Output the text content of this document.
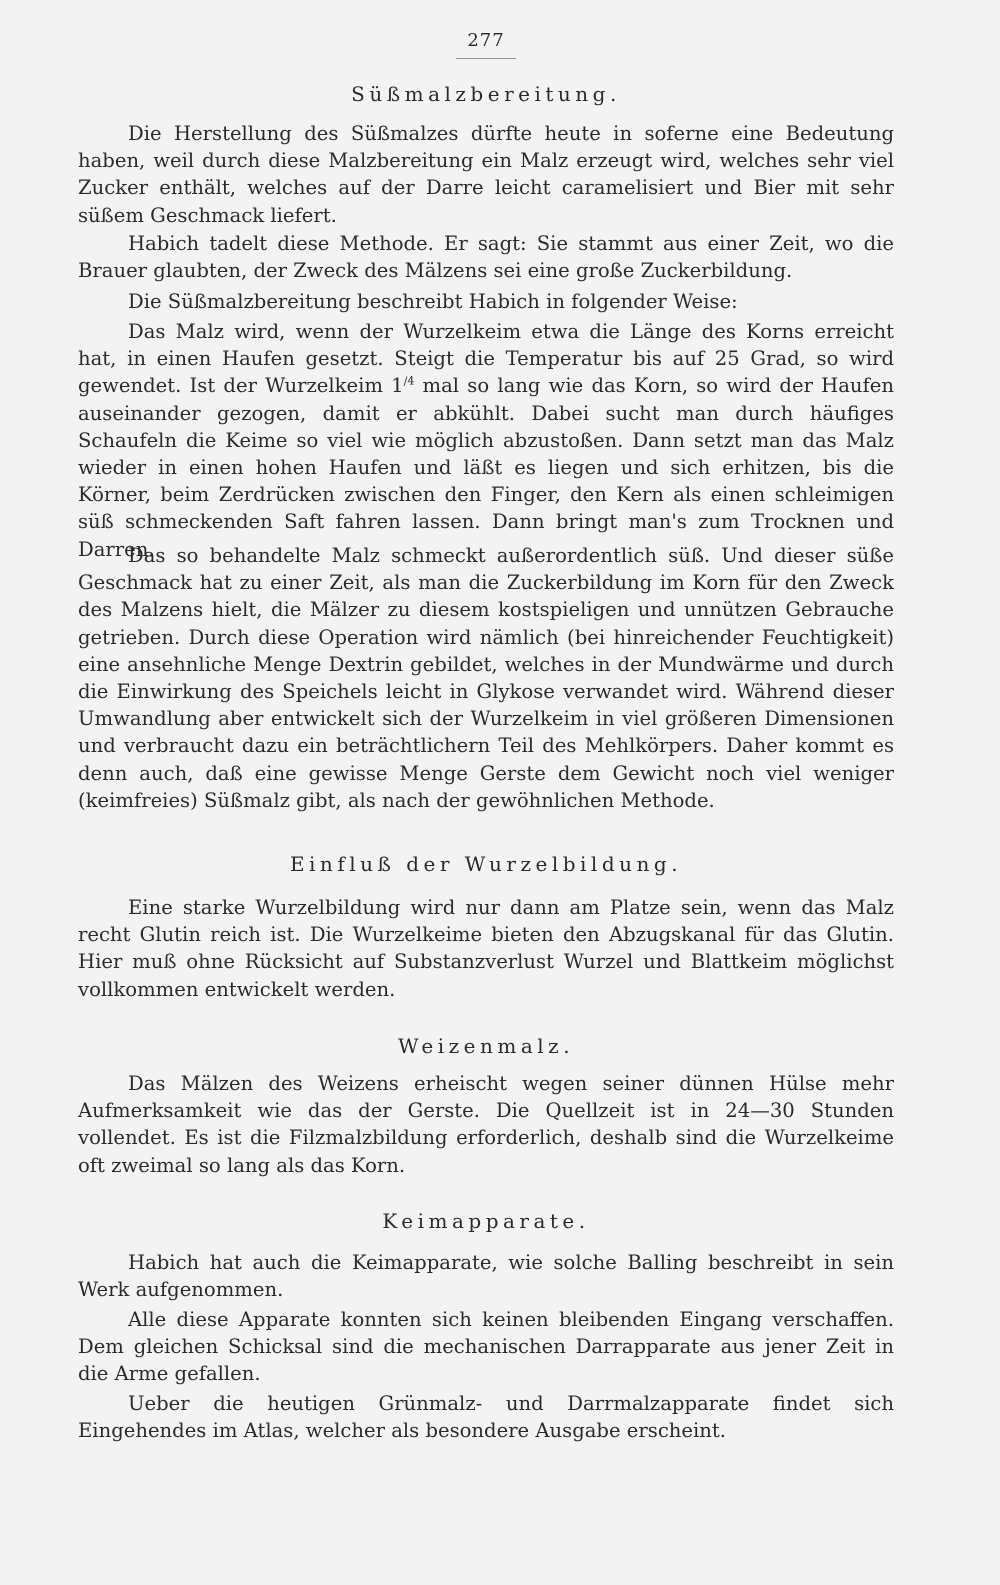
277
Süßmalzbereitung.

Die Herstellung des Süßmalzes dürfte heute in soferne eine Bedeutung haben, weil durch diese Malzbereitung ein Malz erzeugt wird, welches sehr viel Zucker enthält, welches auf der Darre leicht caramelisiert und Bier mit sehr süßem Geschmack liefert.

Habich tadelt diese Methode. Er sagt: Sie stammt aus einer Zeit, wo die Brauer glaubten, der Zweck des Mälzens sei eine große Zuckerbildung.

Die Süßmalzbereitung beschreibt Habich in folgender Weise:

Das Malz wird, wenn der Wurzelkeim etwa die Länge des Korns erreicht hat, in einen Haufen gesetzt. Steigt die Temperatur bis auf 25 Grad, so wird gewendet. Ist der Wurzelkeim $1^{/4}$ mal so lang wie das Korn, so wird der Haufen auseinander gezogen, damit er abkühlt. Dabei sucht man durch häufiges Schaufeln die Keime so viel wie möglich abzustoßen. Dann setzt man das Malz wieder in einen hohen Haufen und läßt es liegen und sich erhitzen, bis die Körner, beim Zerdrücken zwischen den Finger, den Kern als einen schleimigen süß schmeckenden Saft fahren lassen. Dann bringt man's zum Trocknen und Darren.

Das so behandelte Malz schmeckt außerordentlich süß. Und dieser süße Geschmack hat zu einer Zeit, als man die Zuckerbildung im Korn für den Zweck des Malzens hielt, die Mälzer zu diesem kostspieligen und unnützen Gebrauche getrieben. Durch diese Operation wird nämlich (bei hinreichender Feuchtigkeit) eine ansehnliche Menge Dextrin gebildet, welches in der Mundwärme und durch die Einwirkung des Speichels leicht in Glykose verwandet wird. Während dieser Umwandlung aber entwickelt sich der Wurzelkeim in viel größeren Dimensionen und verbraucht dazu ein beträchtlichern Teil des Mehlkörpers. Daher kommt es denn auch, daß eine gewisse Menge Gerste dem Gewicht noch viel weniger (keimfreies) Süßmalz gibt, als nach der gewöhnlichen Methode.

Einfluß der Wurzelbildung.

Eine starke Wurzelbildung wird nur dann am Platze sein, wenn das Malz recht Glutin reich ist. Die Wurzelkeime bieten den Abzugskanal für das Glutin. Hier muß ohne Rücksicht auf Substanzverlust Wurzel und Blattkeim möglichst vollkommen entwickelt werden.

Weizenmalz.

Das Mälzen des Weizens erheischt wegen seiner dünnen Hülse mehr Aufmerksamkeit wie das der Gerste. Die Quellzeit ist in 24—30 Stunden vollendet. Es ist die Filzmalzbildung erforderlich, deshalb sind die Wurzelkeime oft zweimal so lang als das Korn.

Keimapparate.

Habich hat auch die Keimapparate, wie solche Balling beschreibt in sein Werk aufgenommen.

Alle diese Apparate konnten sich keinen bleibenden Eingang verschaffen. Dem gleichen Schicksal sind die mechanischen Darrapparate aus jener Zeit in die Arme gefallen.

Ueber die heutigen Grünmalz- und Darrmalzapparate findet sich Eingehendes im Atlas, welcher als besondere Ausgabe erscheint.
